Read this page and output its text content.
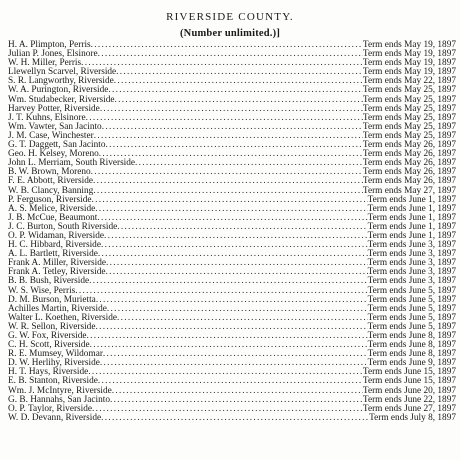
RIVERSIDE COUNTY.
(Number unlimited.)]
H. A. Plimpton, Perris .....	Term ends May 19, 1897
Julian P. Jones, Elsinore .....	Term ends May 19, 1897
W. H. Miller, Perris .....	Term ends May 19, 1897
Llewellyn Scarvel, Riverside .....	Term ends May 19, 1897
S. R. Langworthy, Riverside .....	Term ends May 22, 1897
W. A. Purington, Riverside .....	Term ends May 25, 1897
Wm. Studabecker, Riverside .....	Term ends May 25, 1897
Harvey Potter, Riverside .....	Term ends May 25, 1897
J. T. Kuhns, Elsinore .....	Term ends May 25, 1897
Wm. Vawter, San Jacinto .....	Term ends May 25, 1897
J. M. Case, Winchester .....	Term ends May 25, 1897
G. T. Daggett, San Jacinto .....	Term ends May 26, 1897
Geo. H. Kelsey, Moreno .....	Term ends May 26, 1897
John L. Merriam, South Riverside .....	Term ends May 26, 1897
B. W. Brown, Moreno .....	Term ends May 26, 1897
F. E. Abbott, Riverside .....	Term ends May 26, 1897
W. B. Clancy, Banning .....	Term ends May 27, 1897
P. Ferguson, Riverside .....	Term ends June 1, 1897
A. S. Melice, Riverside .....	Term ends June 1, 1897
J. B. McCue, Beaumont .....	Term ends June 1, 1897
J. C. Burton, South Riverside .....	Term ends June 1, 1897
O. P. Widaman, Riverside .....	Term ends June 1, 1897
H. C. Hibbard, Riverside .....	Term ends June 3, 1897
A. L. Bartlett, Riverside .....	Term ends June 3, 1897
Frank A. Miller, Riverside .....	Term ends June 3, 1897
Frank A. Tetley, Riverside .....	Term ends June 3, 1897
B. B. Bush, Riverside .....	Term ends June 3, 1897
W. S. Wise, Perris .....	Term ends June 5, 1897
D. M. Burson, Murietta .....	Term ends June 5, 1897
Achilles Martin, Riverside .....	Term ends June 5, 1897
Walter L. Koethen, Riverside .....	Term ends June 5, 1897
W. R. Sellon, Riverside .....	Term ends June 5, 1897
G. W. Fox, Riverside .....	Term ends June 8, 1897
C. H. Scott, Riverside .....	Term ends June 8, 1897
R. E. Mumsey, Wildomar .....	Term ends June 8, 1897
D. W. Herlihy, Riverside .....	Term ends June 9, 1897
H. T. Hays, Riverside .....	Term ends June 15, 1897
E. B. Stanton, Riverside .....	Term ends June 15, 1897
Wm. J. McIntyre, Riverside .....	Term ends June 20, 1897
G. B. Hannahs, San Jacinto .....	Term ends June 22, 1897
O. P. Taylor, Riverside .....	Term ends June 27, 1897
W. D. Devann, Riverside .....	Term ends July 8, 1897
